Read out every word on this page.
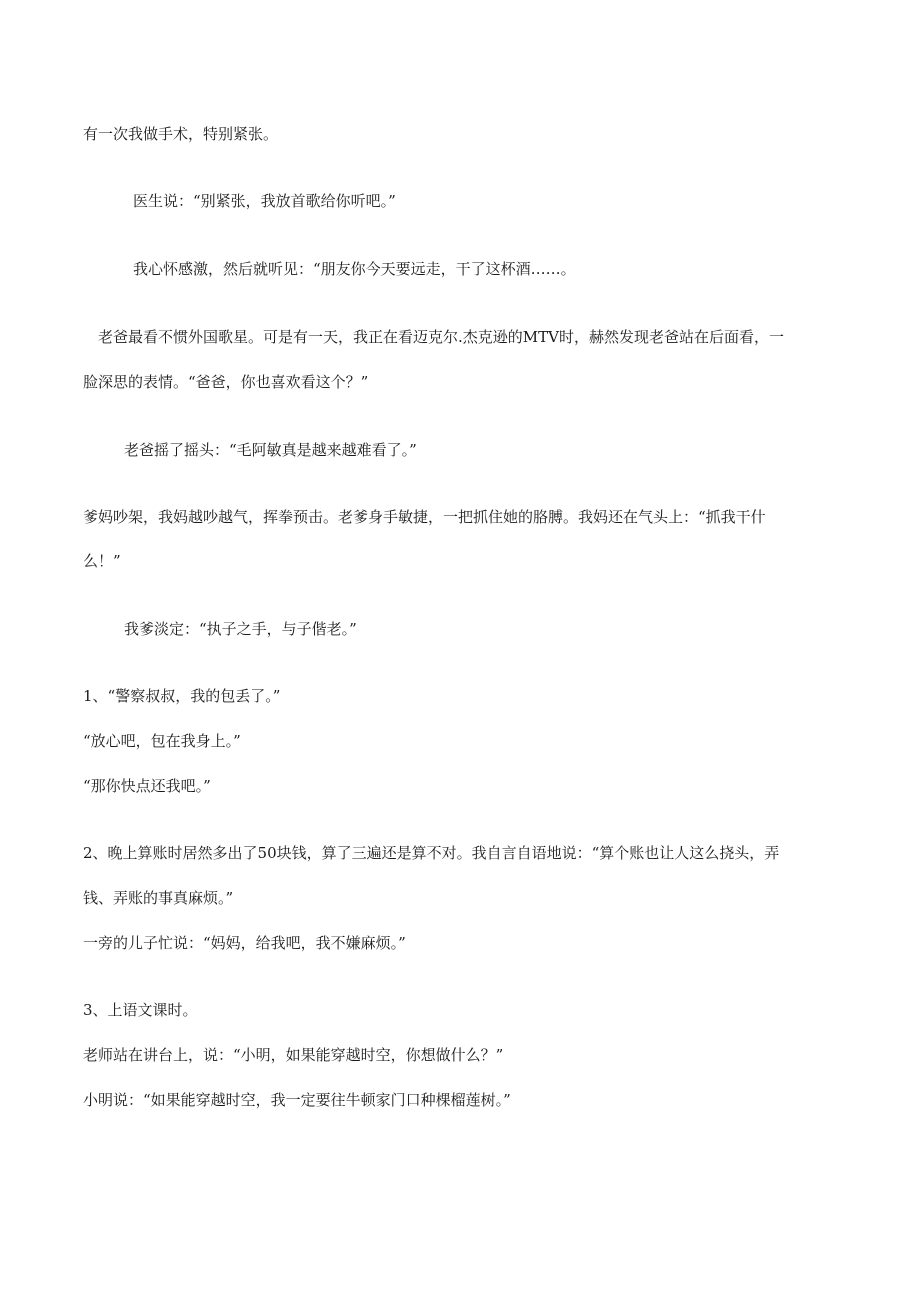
有一次我做手术，特别紧张。

医生说：“别紧张，我放首歌给你听吧。”

我心怀感激，然后就听见：“朋友你今天要远走，干了这杯酒……。

老爸最看不惯外国歌星。可是有一天，我正在看迈克尔.杰克逊的MTV时，赫然发现老爸站在后面看，一

脸深思的表情。“爸爸，你也喜欢看这个？”

老爸摇了摇头：“毛阿敏真是越来越难看了。”

爹妈吵架，我妈越吵越气，挥拳预击。老爹身手敏捷，一把抓住她的胳膊。我妈还在气头上：“抓我干什

么！”

我爹淡定：“执子之手，与子偕老。”

1、“警察叔叔，我的包丢了。”

“放心吧，包在我身上。”

“那你快点还我吧。”

2、晚上算账时居然多出了50块钱，算了三遍还是算不对。我自言自语地说：“算个账也让人这么挠头，弄

钱、弄账的事真麻烦。”

一旁的儿子忙说：“妈妈，给我吧，我不嫌麻烦。”

3、上语文课时。

老师站在讲台上，说：“小明，如果能穿越时空，你想做什么？”

小明说：“如果能穿越时空，我一定要往牛顿家门口种棵榴莲树。”
